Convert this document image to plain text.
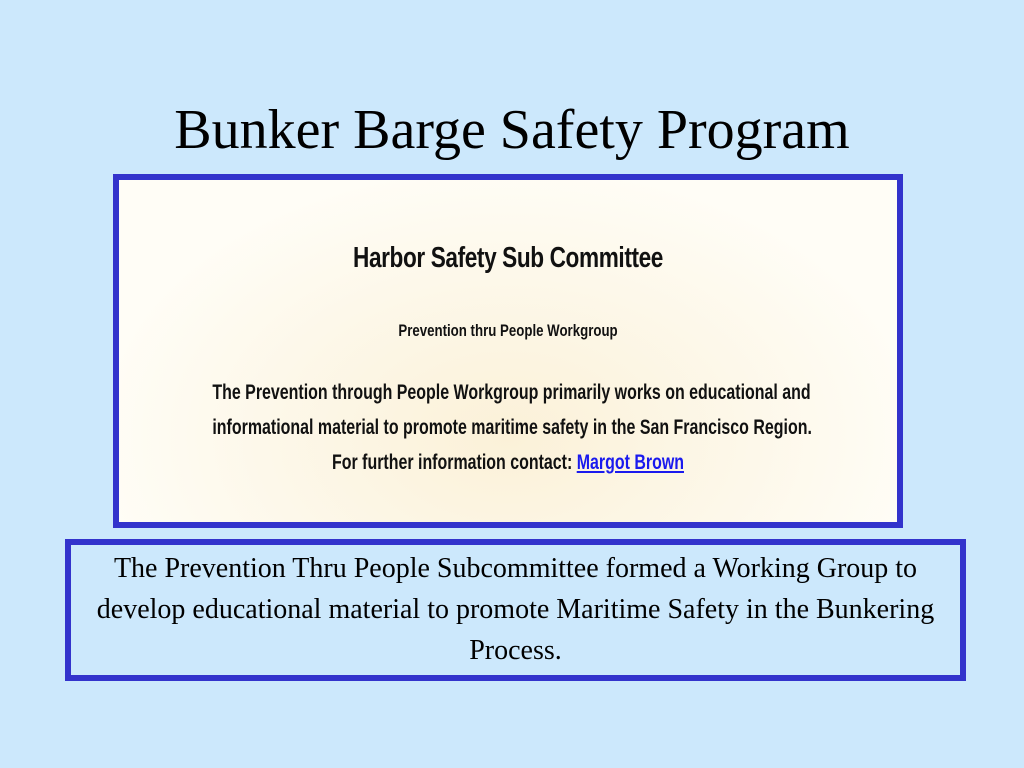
Bunker Barge Safety Program
Harbor Safety Sub Committee
Prevention thru People Workgroup
The Prevention through People Workgroup primarily works on educational and
informational material to promote maritime safety in the San Francisco Region.
For further information contact: Margot Brown
The Prevention Thru People Subcommittee formed a Working Group to develop educational material to promote Maritime Safety in the Bunkering Process.
